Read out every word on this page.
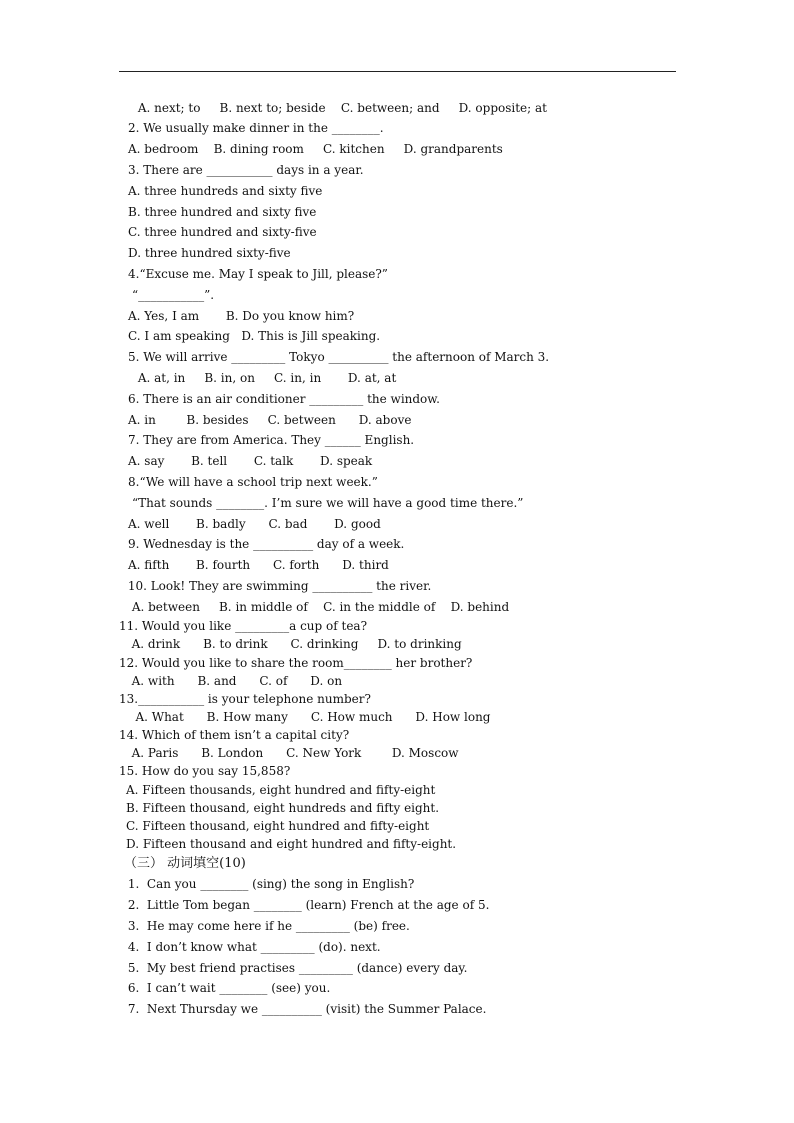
A. next; to     B. next to; beside    C. between; and     D. opposite; at
2. We usually make dinner in the ________.
A. bedroom    B. dining room     C. kitchen     D. grandparents
3. There are ___________ days in a year.
A. three hundreds and sixty five
B. three hundred and sixty five
C. three hundred and sixty-five
D. three hundred sixty-five
4.“Excuse me. May I speak to Jill, please?”
“___________”.
A. Yes, I am       B. Do you know him?
C. I am speaking   D. This is Jill speaking.
5. We will arrive _________ Tokyo __________ the afternoon of March 3.
A. at, in     B. in, on     C. in, in       D. at, at
6. There is an air conditioner _________ the window.
A. in        B. besides     C. between      D. above
7. They are from America. They ______ English.
A. say       B. tell       C. talk       D. speak
8.“We will have a school trip next week.”
“That sounds ________. I’m sure we will have a good time there.”
A. well       B. badly      C. bad       D. good
9. Wednesday is the __________ day of a week.
A. fifth       B. fourth      C. forth      D. third
10. Look! They are swimming __________ the river.
A. between     B. in middle of    C. in the middle of    D. behind
11. Would you like _________a cup of tea?
A. drink      B. to drink      C. drinking     D. to drinking
12. Would you like to share the room________ her brother?
A. with      B. and      C. of      D. on
13.___________ is your telephone number?
A. What      B. How many      C. How much      D. How long
14. Which of them isn’t a capital city?
A. Paris      B. London      C. New York        D. Moscow
15. How do you say 15,858?
A. Fifteen thousands, eight hundred and fifty-eight
B. Fifteen thousand, eight hundreds and fifty eight.
C. Fifteen thousand, eight hundred and fifty-eight
D. Fifteen thousand and eight hundred and fifty-eight.
（三） 动词填空(10)
1.  Can you ________ (sing) the song in English?
2.  Little Tom began ________ (learn) French at the age of 5.
3.  He may come here if he _________ (be) free.
4.  I don’t know what _________ (do). next.
5.  My best friend practises _________ (dance) every day.
6.  I can’t wait ________ (see) you.
7.  Next Thursday we __________ (visit) the Summer Palace.
